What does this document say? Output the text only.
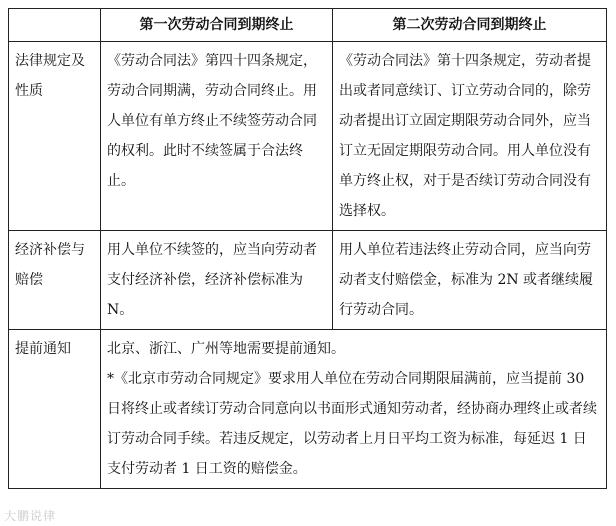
	第一次劳动合同到期终止	第二次劳动合同到期终止
法律规定及性质	《劳动合同法》第四十四条规定，劳动合同期满，劳动合同终止。用人单位有单方终止不续签劳动合同的权利。此时不续签属于合法终止。	《劳动合同法》第十四条规定，劳动者提出或者同意续订、订立劳动合同的，除劳动者提出订立固定期限劳动合同外，应当订立无固定期限劳动合同。用人单位没有单方终止权，对于是否续订劳动合同没有选择权。
经济补偿与赔偿	用人单位不续签的，应当向劳动者支付经济补偿，经济补偿标准为 N。	用人单位若违法终止劳动合同，应当向劳动者支付赔偿金，标准为 2N 或者继续履行劳动合同。
提前通知	北京、浙江、广州等地需要提前通知。
*《北京市劳动合同规定》要求用人单位在劳动合同期限届满前，应当提前 30 日将终止或者续订劳动合同意向以书面形式通知劳动者，经协商办理终止或者续订劳动合同手续。若违反规定，以劳动者上月日平均工资为标准，每延迟 1 日支付劳动者 1 日工资的赔偿金。	
大鹏说律
